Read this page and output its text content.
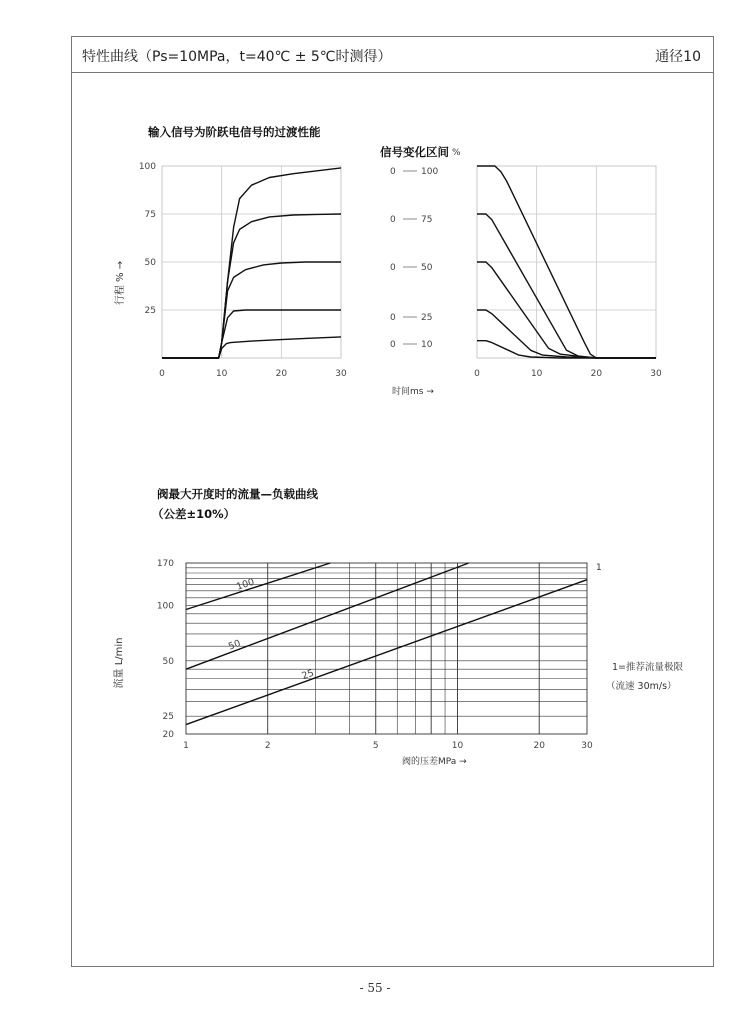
特性曲线（Ps=10MPa，t=40℃ ± 5℃时测得）	通径10
输入信号为阶跃电信号的过渡性能
行程 % →
0	10	20	30
100
75
50
25
信号变化区间 %
0	100
0	75
0	50
0	25
0	10
时间ms →
0	10	20	30
阀最大开度时的流量—负载曲线
（公差±10%）
流量 L/min
阀的压差MPa →
100
50
25
1	2	5	10	20	30
170
100
50
25
20
1
1=推荐流量极限
（流速 30m/s）
- 55 -
